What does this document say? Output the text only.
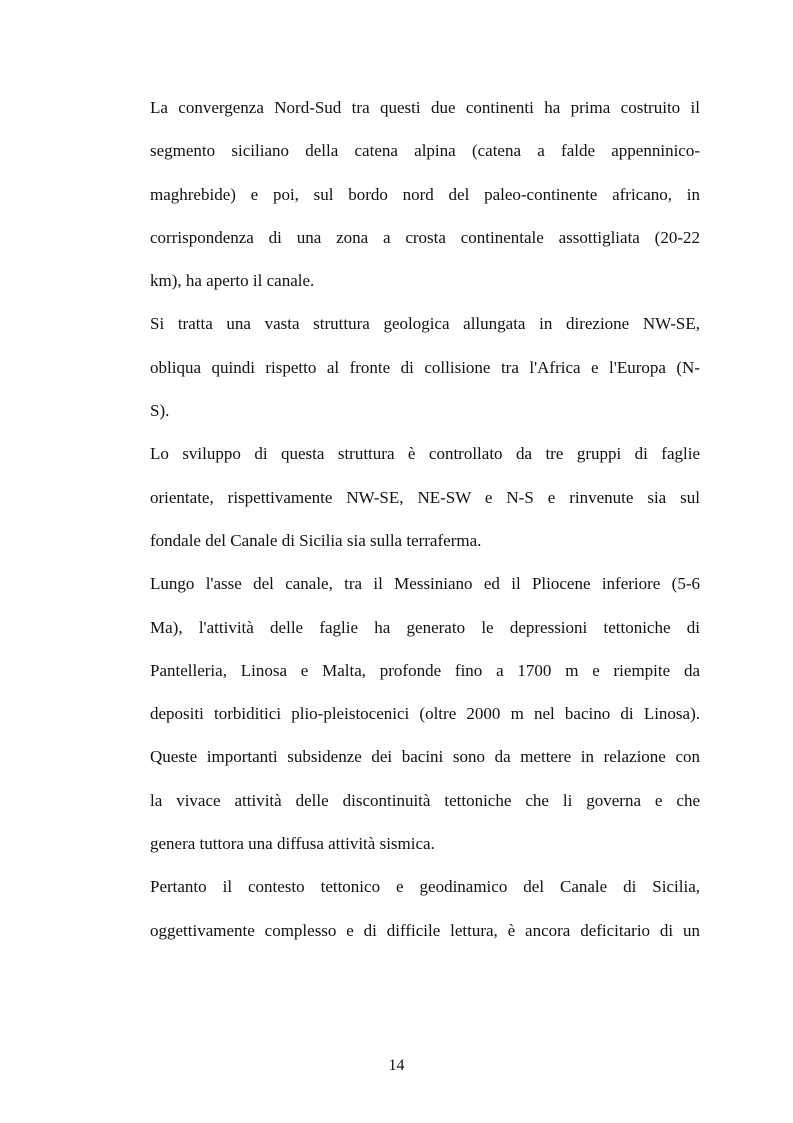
La convergenza Nord-Sud tra questi due continenti ha prima costruito il
segmento siciliano della catena alpina (catena a falde appenninico-
maghrebide) e poi, sul bordo nord del paleo-continente africano, in
corrispondenza di una zona a crosta continentale assottigliata (20-22
km), ha aperto il canale.
Si tratta una vasta struttura geologica allungata in direzione NW-SE,
obliqua quindi rispetto al fronte di collisione tra l'Africa e l'Europa (N-
S).
Lo sviluppo di questa struttura è controllato da tre gruppi di faglie
orientate, rispettivamente NW-SE, NE-SW e N-S e rinvenute sia sul
fondale del Canale di Sicilia sia sulla terraferma.
Lungo l'asse del canale, tra il Messiniano ed il Pliocene inferiore (5-6
Ma), l'attività delle faglie ha generato le depressioni tettoniche di
Pantelleria, Linosa e Malta, profonde fino a 1700 m e riempite da
depositi torbiditici plio-pleistocenici (oltre 2000 m nel bacino di Linosa).
Queste importanti subsidenze dei bacini sono da mettere in relazione con
la vivace attività delle discontinuità tettoniche che li governa e che
genera tuttora una diffusa attività sismica.
Pertanto il contesto tettonico e geodinamico del Canale di Sicilia,
oggettivamente complesso e di difficile lettura, è ancora deficitario di un
14
